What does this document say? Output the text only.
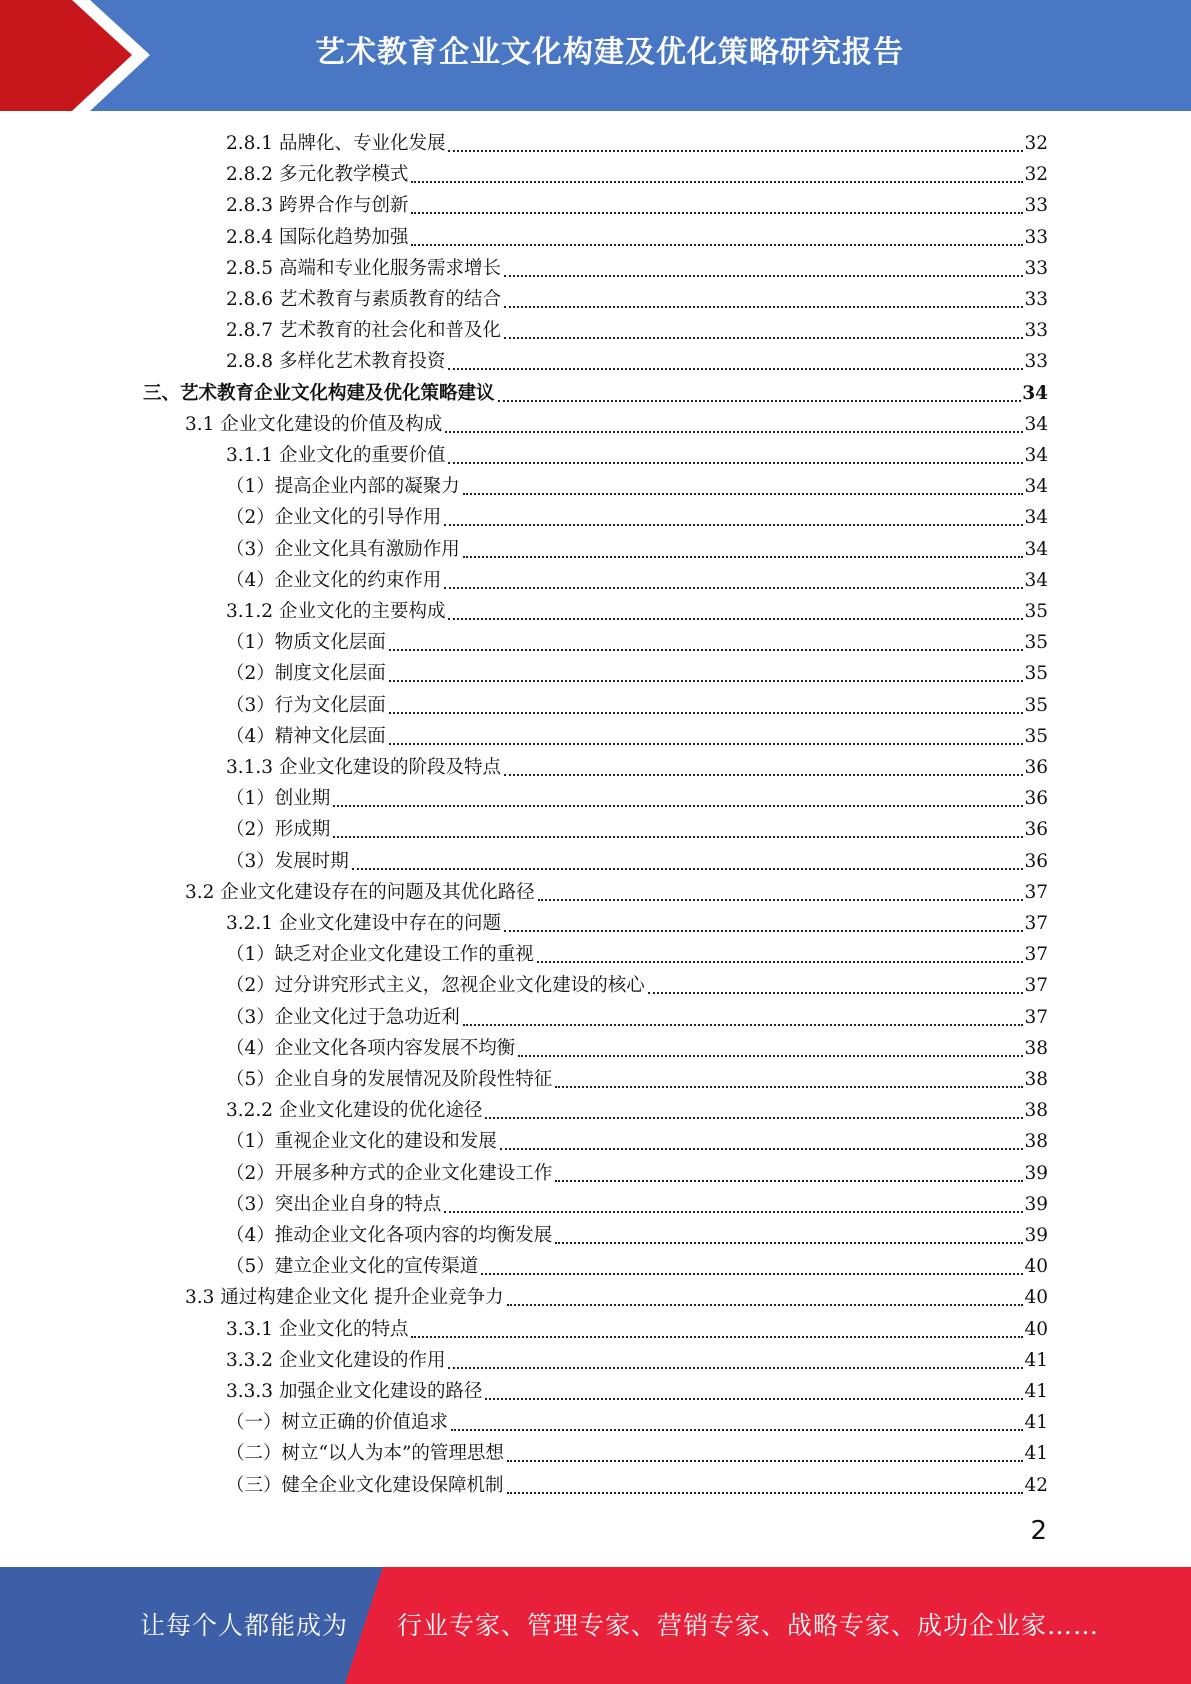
艺术教育企业文化构建及优化策略研究报告
2.8.1 品牌化、专业化发展	32
2.8.2 多元化教学模式	32
2.8.3 跨界合作与创新	33
2.8.4 国际化趋势加强	33
2.8.5 高端和专业化服务需求增长	33
2.8.6 艺术教育与素质教育的结合	33
2.8.7 艺术教育的社会化和普及化	33
2.8.8 多样化艺术教育投资	33
三、艺术教育企业文化构建及优化策略建议	34
3.1 企业文化建设的价值及构成	34
3.1.1 企业文化的重要价值	34
（1）提高企业内部的凝聚力	34
（2）企业文化的引导作用	34
（3）企业文化具有激励作用	34
（4）企业文化的约束作用	34
3.1.2 企业文化的主要构成	35
（1）物质文化层面	35
（2）制度文化层面	35
（3）行为文化层面	35
（4）精神文化层面	35
3.1.3 企业文化建设的阶段及特点	36
（1）创业期	36
（2）形成期	36
（3）发展时期	36
3.2 企业文化建设存在的问题及其优化路径	37
3.2.1 企业文化建设中存在的问题	37
（1）缺乏对企业文化建设工作的重视	37
（2）过分讲究形式主义，忽视企业文化建设的核心	37
（3）企业文化过于急功近利	37
（4）企业文化各项内容发展不均衡	38
（5）企业自身的发展情况及阶段性特征	38
3.2.2 企业文化建设的优化途径	38
（1）重视企业文化的建设和发展	38
（2）开展多种方式的企业文化建设工作	39
（3）突出企业自身的特点	39
（4）推动企业文化各项内容的均衡发展	39
（5）建立企业文化的宣传渠道	40
3.3 通过构建企业文化 提升企业竞争力	40
3.3.1 企业文化的特点	40
3.3.2 企业文化建设的作用	41
3.3.3 加强企业文化建设的路径	41
（一）树立正确的价值追求	41
（二）树立“以人为本”的管理思想	41
（三）健全企业文化建设保障机制	42
2
让每个人都能成为 行业专家、管理专家、营销专家、战略专家、成功企业家……
